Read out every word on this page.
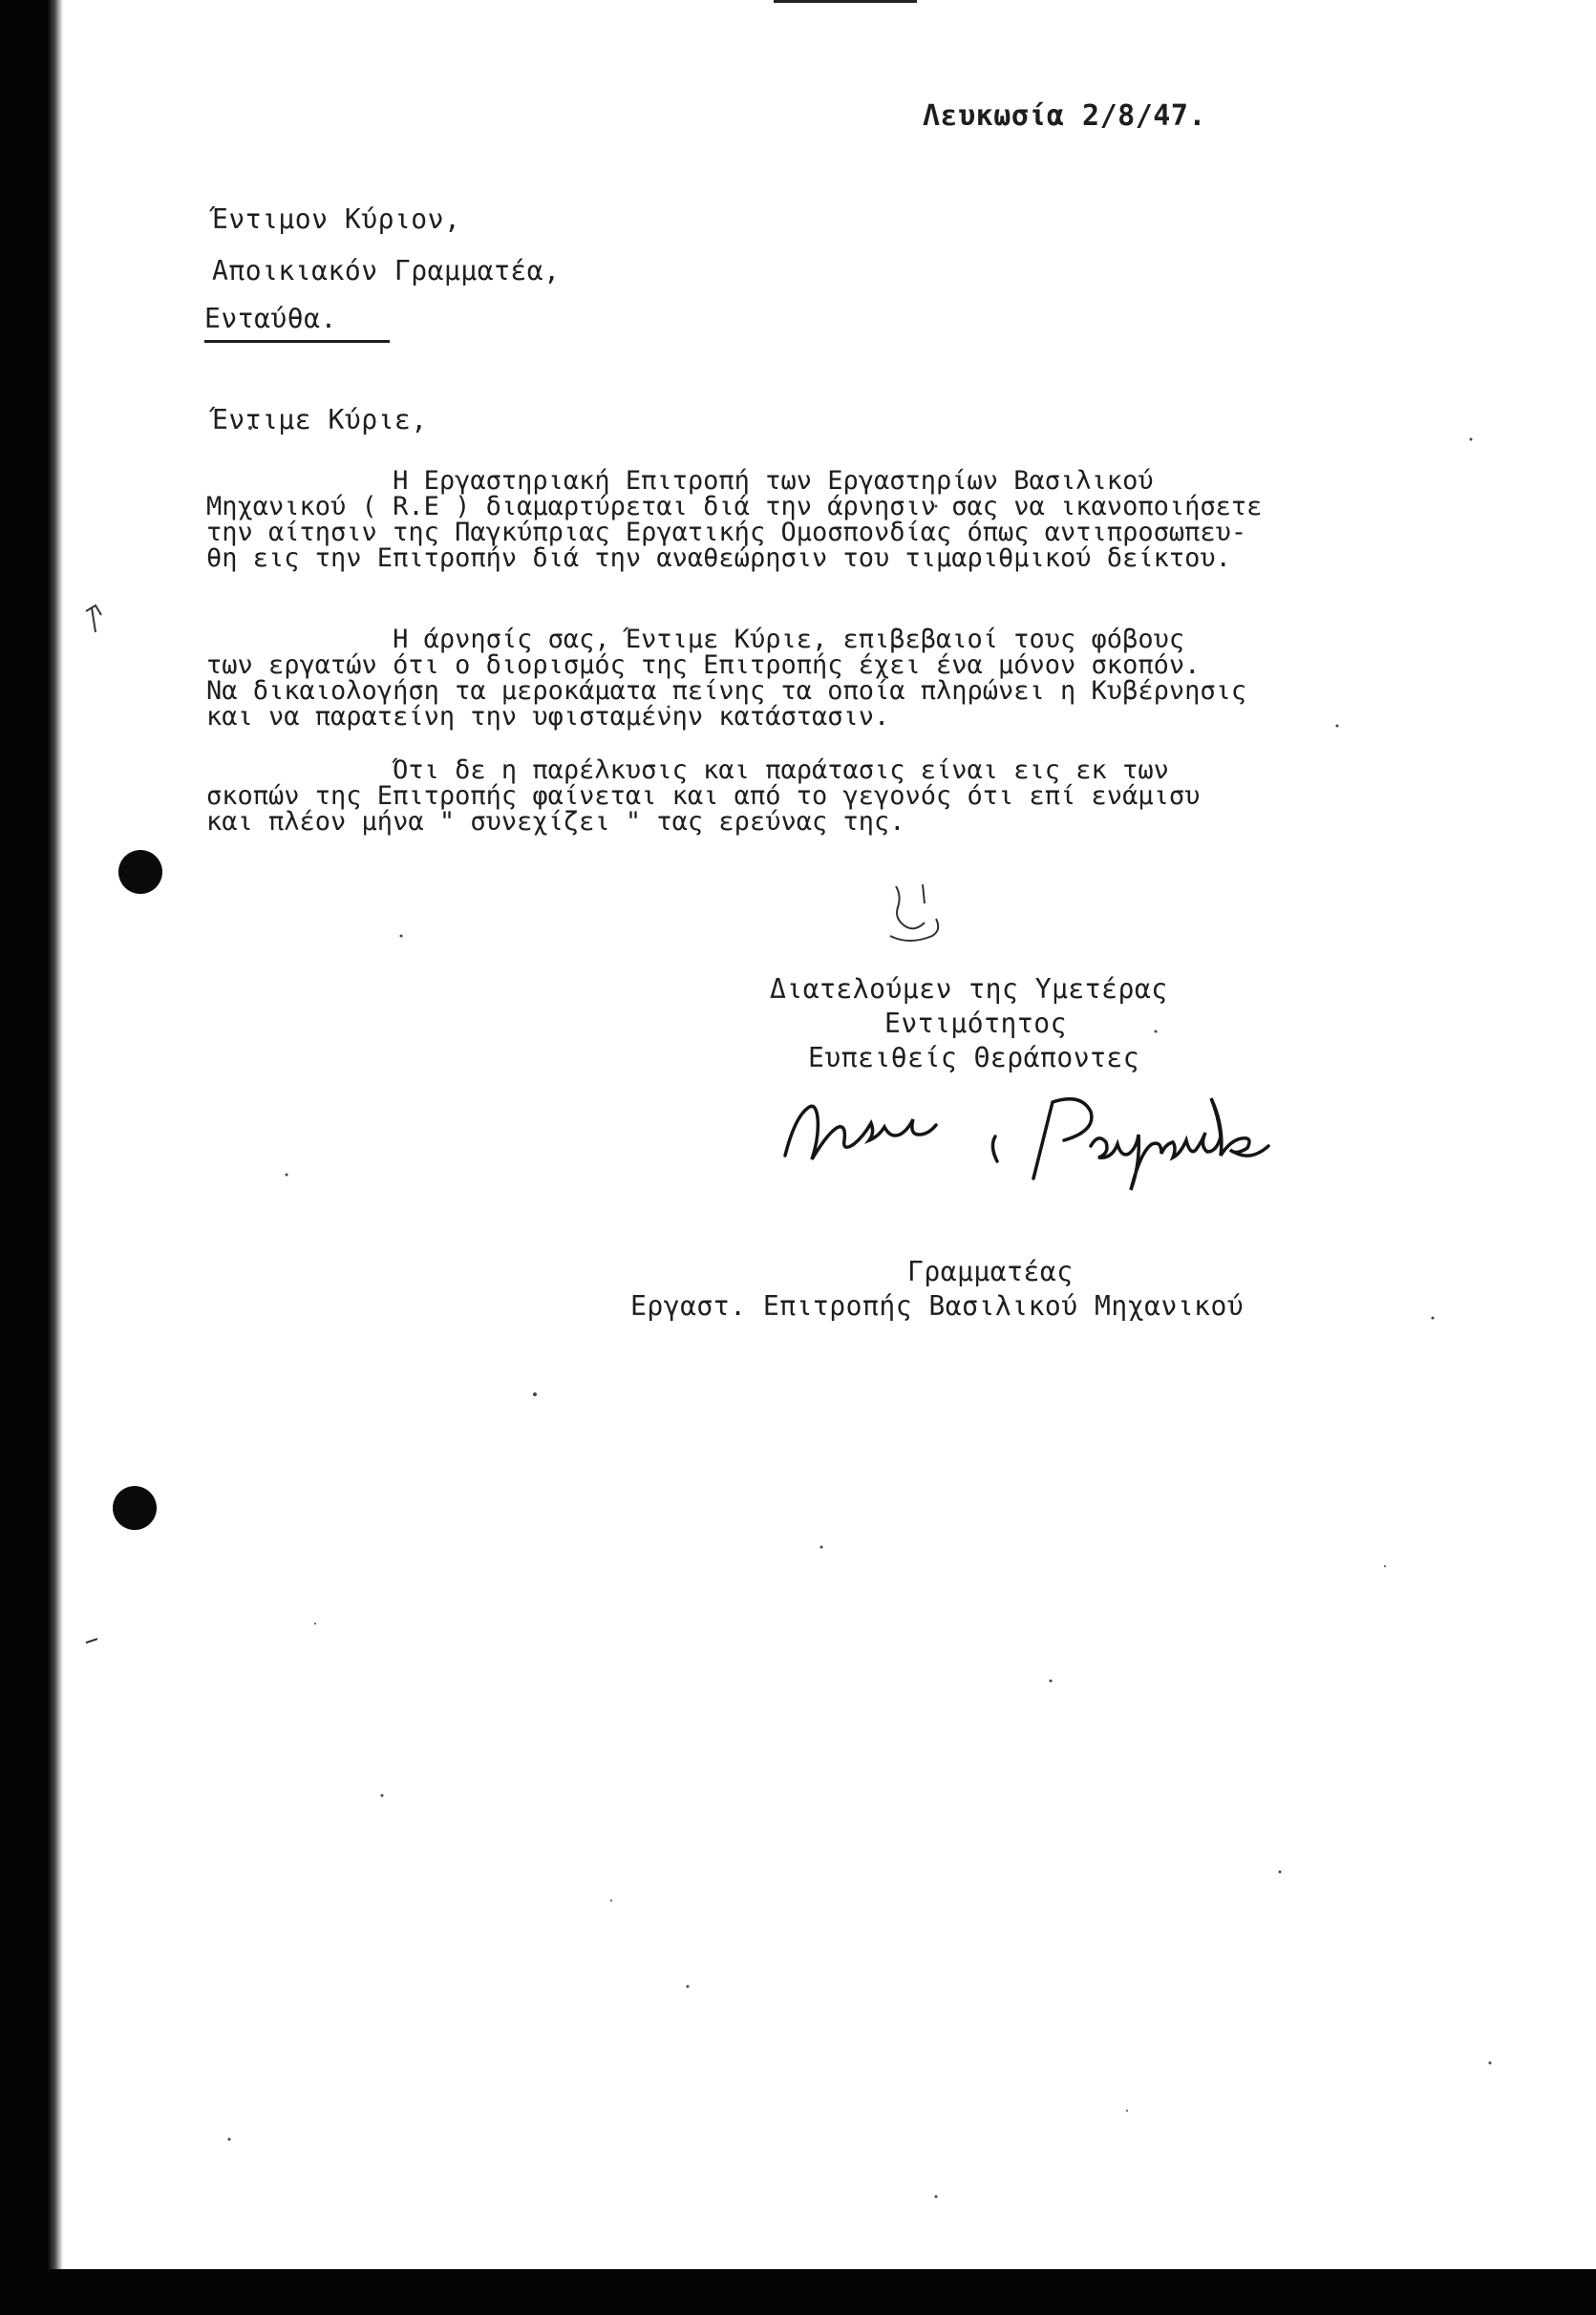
Λευκωσία 2/8/47.
Έντιμον Κύριον,
Αποικιακόν Γραμματέα,
Ενταύθα.
Έντιμε Κύριε,
Η Εργαστηριακή Επιτροπή των Εργαστηρίων Βασιλικού
Μηχανικού ( R.E ) διαμαρτύρεται διά την άρνησιν σας να ικανοποιήσετε
την αίτησιν της Παγκύπριας Εργατικής Ομοσπονδίας όπως αντιπροσωπευ-
θη εις την Επιτροπήν διά την αναθεώρησιν του τιμαριθμικού δείκτου.
Η άρνησίς σας, Έντιμε Κύριε, επιβεβαιοί τους φόβους
των εργατών ότι ο διορισμός της Επιτροπής έχει ένα μόνον σκοπόν.
Να δικαιολογήση τα μεροκάματα πείνης τα οποία πληρώνει η Κυβέρνησις
και να παρατείνη την υφισταμένην κατάστασιν.
Ότι δε η παρέλκυσις και παράτασις είναι εις εκ των
σκοπών της Επιτροπής φαίνεται και από το γεγονός ότι επί ενάμισυ
και πλέον μήνα " συνεχίζει " τας ερεύνας της.
Διατελούμεν της Υμετέρας
Εντιμότητος
Ευπειθείς Θεράποντες
Γραμματέας
Εργαστ. Επιτροπής Βασιλικού Μηχανικού
